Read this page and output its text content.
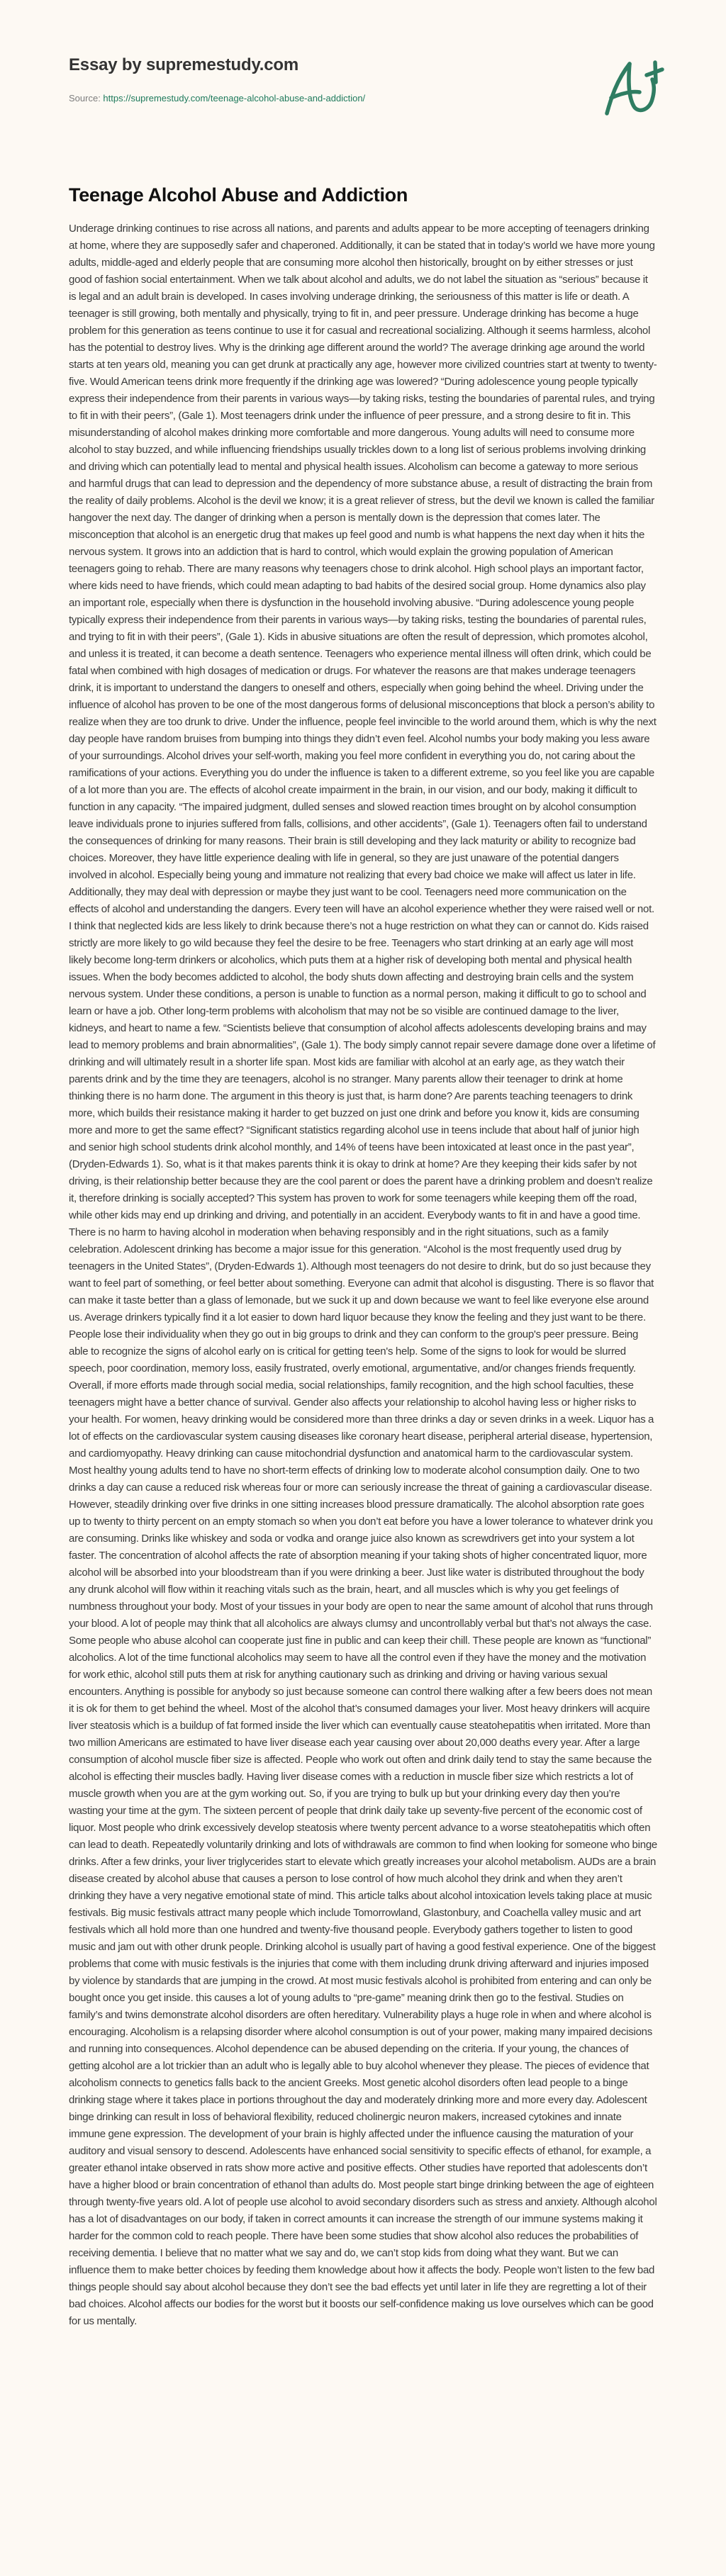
Essay by supremestudy.com
Source: https://supremestudy.com/teenage-alcohol-abuse-and-addiction/
Teenage Alcohol Abuse and Addiction

Underage drinking continues to rise across all nations, and parents and adults appear to be more accepting of teenagers drinking at home, where they are supposedly safer and chaperoned. Additionally, it can be stated that in today’s world we have more young adults, middle-aged and elderly people that are consuming more alcohol then historically, brought on by either stresses or just good of fashion social entertainment. When we talk about alcohol and adults, we do not label the situation as “serious” because it is legal and an adult brain is developed. In cases involving underage drinking, the seriousness of this matter is life or death. A teenager is still growing, both mentally and physically, trying to fit in, and peer pressure. Underage drinking has become a huge problem for this generation as teens continue to use it for casual and recreational socializing. Although it seems harmless, alcohol has the potential to destroy lives. Why is the drinking age different around the world? The average drinking age around the world starts at ten years old, meaning you can get drunk at practically any age, however more civilized countries start at twenty to twenty-five. Would American teens drink more frequently if the drinking age was lowered? “During adolescence young people typically express their independence from their parents in various ways—by taking risks, testing the boundaries of parental rules, and trying to fit in with their peers”, (Gale 1). Most teenagers drink under the influence of peer pressure, and a strong desire to fit in. This misunderstanding of alcohol makes drinking more comfortable and more dangerous. Young adults will need to consume more alcohol to stay buzzed, and while influencing friendships usually trickles down to a long list of serious problems involving drinking and driving which can potentially lead to mental and physical health issues. Alcoholism can become a gateway to more serious and harmful drugs that can lead to depression and the dependency of more substance abuse, a result of distracting the brain from the reality of daily problems. Alcohol is the devil we know; it is a great reliever of stress, but the devil we known is called the familiar hangover the next day. The danger of drinking when a person is mentally down is the depression that comes later. The misconception that alcohol is an energetic drug that makes up feel good and numb is what happens the next day when it hits the nervous system. It grows into an addiction that is hard to control, which would explain the growing population of American teenagers going to rehab. There are many reasons why teenagers chose to drink alcohol. High school plays an important factor, where kids need to have friends, which could mean adapting to bad habits of the desired social group. Home dynamics also play an important role, especially when there is dysfunction in the household involving abusive. “During adolescence young people typically express their independence from their parents in various ways—by taking risks, testing the boundaries of parental rules, and trying to fit in with their peers”, (Gale 1). Kids in abusive situations are often the result of depression, which promotes alcohol, and unless it is treated, it can become a death sentence. Teenagers who experience mental illness will often drink, which could be fatal when combined with high dosages of medication or drugs. For whatever the reasons are that makes underage teenagers drink, it is important to understand the dangers to oneself and others, especially when going behind the wheel. Driving under the influence of alcohol has proven to be one of the most dangerous forms of delusional misconceptions that block a person’s ability to realize when they are too drunk to drive. Under the influence, people feel invincible to the world around them, which is why the next day people have random bruises from bumping into things they didn’t even feel. Alcohol numbs your body making you less aware of your surroundings. Alcohol drives your self-worth, making you feel more confident in everything you do, not caring about the ramifications of your actions. Everything you do under the influence is taken to a different extreme, so you feel like you are capable of a lot more than you are. The effects of alcohol create impairment in the brain, in our vision, and our body, making it difficult to function in any capacity. “The impaired judgment, dulled senses and slowed reaction times brought on by alcohol consumption leave individuals prone to injuries suffered from falls, collisions, and other accidents”, (Gale 1). Teenagers often fail to understand the consequences of drinking for many reasons. Their brain is still developing and they lack maturity or ability to recognize bad choices. Moreover, they have little experience dealing with life in general, so they are just unaware of the potential dangers involved in alcohol. Especially being young and immature not realizing that every bad choice we make will affect us later in life. Additionally, they may deal with depression or maybe they just want to be cool. Teenagers need more communication on the effects of alcohol and understanding the dangers. Every teen will have an alcohol experience whether they were raised well or not. I think that neglected kids are less likely to drink because there’s not a huge restriction on what they can or cannot do. Kids raised strictly are more likely to go wild because they feel the desire to be free. Teenagers who start drinking at an early age will most likely become long-term drinkers or alcoholics, which puts them at a higher risk of developing both mental and physical health issues. When the body becomes addicted to alcohol, the body shuts down affecting and destroying brain cells and the system nervous system. Under these conditions, a person is unable to function as a normal person, making it difficult to go to school and learn or have a job. Other long-term problems with alcoholism that may not be so visible are continued damage to the liver, kidneys, and heart to name a few. “Scientists believe that consumption of alcohol affects adolescents developing brains and may lead to memory problems and brain abnormalities”, (Gale 1). The body simply cannot repair severe damage done over a lifetime of drinking and will ultimately result in a shorter life span. Most kids are familiar with alcohol at an early age, as they watch their parents drink and by the time they are teenagers, alcohol is no stranger. Many parents allow their teenager to drink at home thinking there is no harm done. The argument in this theory is just that, is harm done? Are parents teaching teenagers to drink more, which builds their resistance making it harder to get buzzed on just one drink and before you know it, kids are consuming more and more to get the same effect? “Significant statistics regarding alcohol use in teens include that about half of junior high and senior high school students drink alcohol monthly, and 14% of teens have been intoxicated at least once in the past year”, (Dryden-Edwards 1). So, what is it that makes parents think it is okay to drink at home? Are they keeping their kids safer by not driving, is their relationship better because they are the cool parent or does the parent have a drinking problem and doesn’t realize it, therefore drinking is socially accepted? This system has proven to work for some teenagers while keeping them off the road, while other kids may end up drinking and driving, and potentially in an accident. Everybody wants to fit in and have a good time. There is no harm to having alcohol in moderation when behaving responsibly and in the right situations, such as a family celebration. Adolescent drinking has become a major issue for this generation. “Alcohol is the most frequently used drug by teenagers in the United States”, (Dryden-Edwards 1). Although most teenagers do not desire to drink, but do so just because they want to feel part of something, or feel better about something. Everyone can admit that alcohol is disgusting. There is so flavor that can make it taste better than a glass of lemonade, but we suck it up and down because we want to feel like everyone else around us. Average drinkers typically find it a lot easier to down hard liquor because they know the feeling and they just want to be there. People lose their individuality when they go out in big groups to drink and they can conform to the group's peer pressure. Being able to recognize the signs of alcohol early on is critical for getting teen's help. Some of the signs to look for would be slurred speech, poor coordination, memory loss, easily frustrated, overly emotional, argumentative, and/or changes friends frequently. Overall, if more efforts made through social media, social relationships, family recognition, and the high school faculties, these teenagers might have a better chance of survival. Gender also affects your relationship to alcohol having less or higher risks to your health. For women, heavy drinking would be considered more than three drinks a day or seven drinks in a week. Liquor has a lot of effects on the cardiovascular system causing diseases like coronary heart disease, peripheral arterial disease, hypertension, and cardiomyopathy. Heavy drinking can cause mitochondrial dysfunction and anatomical harm to the cardiovascular system. Most healthy young adults tend to have no short-term effects of drinking low to moderate alcohol consumption daily. One to two drinks a day can cause a reduced risk whereas four or more can seriously increase the threat of gaining a cardiovascular disease. However, steadily drinking over five drinks in one sitting increases blood pressure dramatically. The alcohol absorption rate goes up to twenty to thirty percent on an empty stomach so when you don’t eat before you have a lower tolerance to whatever drink you are consuming. Drinks like whiskey and soda or vodka and orange juice also known as screwdrivers get into your system a lot faster. The concentration of alcohol affects the rate of absorption meaning if your taking shots of higher concentrated liquor, more alcohol will be absorbed into your bloodstream than if you were drinking a beer. Just like water is distributed throughout the body any drunk alcohol will flow within it reaching vitals such as the brain, heart, and all muscles which is why you get feelings of numbness throughout your body. Most of your tissues in your body are open to near the same amount of alcohol that runs through your blood. A lot of people may think that all alcoholics are always clumsy and uncontrollably verbal but that’s not always the case. Some people who abuse alcohol can cooperate just fine in public and can keep their chill. These people are known as “functional” alcoholics. A lot of the time functional alcoholics may seem to have all the control even if they have the money and the motivation for work ethic, alcohol still puts them at risk for anything cautionary such as drinking and driving or having various sexual encounters. Anything is possible for anybody so just because someone can control there walking after a few beers does not mean it is ok for them to get behind the wheel. Most of the alcohol that’s consumed damages your liver. Most heavy drinkers will acquire liver steatosis which is a buildup of fat formed inside the liver which can eventually cause steatohepatitis when irritated. More than two million Americans are estimated to have liver disease each year causing over about 20,000 deaths every year. After a large consumption of alcohol muscle fiber size is affected. People who work out often and drink daily tend to stay the same because the alcohol is effecting their muscles badly. Having liver disease comes with a reduction in muscle fiber size which restricts a lot of muscle growth when you are at the gym working out. So, if you are trying to bulk up but your drinking every day then you’re wasting your time at the gym. The sixteen percent of people that drink daily take up seventy-five percent of the economic cost of liquor. Most people who drink excessively develop steatosis where twenty percent advance to a worse steatohepatitis which often can lead to death. Repeatedly voluntarily drinking and lots of withdrawals are common to find when looking for someone who binge drinks. After a few drinks, your liver triglycerides start to elevate which greatly increases your alcohol metabolism. AUDs are a brain disease created by alcohol abuse that causes a person to lose control of how much alcohol they drink and when they aren’t drinking they have a very negative emotional state of mind. This article talks about alcohol intoxication levels taking place at music festivals. Big music festivals attract many people which include Tomorrowland, Glastonbury, and Coachella valley music and art festivals which all hold more than one hundred and twenty-five thousand people. Everybody gathers together to listen to good music and jam out with other drunk people. Drinking alcohol is usually part of having a good festival experience. One of the biggest problems that come with music festivals is the injuries that come with them including drunk driving afterward and injuries imposed by violence by standards that are jumping in the crowd. At most music festivals alcohol is prohibited from entering and can only be bought once you get inside. this causes a lot of young adults to “pre-game” meaning drink then go to the festival. Studies on family’s and twins demonstrate alcohol disorders are often hereditary. Vulnerability plays a huge role in when and where alcohol is encouraging. Alcoholism is a relapsing disorder where alcohol consumption is out of your power, making many impaired decisions and running into consequences. Alcohol dependence can be abused depending on the criteria. If your young, the chances of getting alcohol are a lot trickier than an adult who is legally able to buy alcohol whenever they please. The pieces of evidence that alcoholism connects to genetics falls back to the ancient Greeks. Most genetic alcohol disorders often lead people to a binge drinking stage where it takes place in portions throughout the day and moderately drinking more and more every day. Adolescent binge drinking can result in loss of behavioral flexibility, reduced cholinergic neuron makers, increased cytokines and innate immune gene expression. The development of your brain is highly affected under the influence causing the maturation of your auditory and visual sensory to descend. Adolescents have enhanced social sensitivity to specific effects of ethanol, for example, a greater ethanol intake observed in rats show more active and positive effects. Other studies have reported that adolescents don’t have a higher blood or brain concentration of ethanol than adults do. Most people start binge drinking between the age of eighteen through twenty-five years old. A lot of people use alcohol to avoid secondary disorders such as stress and anxiety. Although alcohol has a lot of disadvantages on our body, if taken in correct amounts it can increase the strength of our immune systems making it harder for the common cold to reach people. There have been some studies that show alcohol also reduces the probabilities of receiving dementia. I believe that no matter what we say and do, we can’t stop kids from doing what they want. But we can influence them to make better choices by feeding them knowledge about how it affects the body. People won’t listen to the few bad things people should say about alcohol because they don’t see the bad effects yet until later in life they are regretting a lot of their bad choices. Alcohol affects our bodies for the worst but it boosts our self-confidence making us love ourselves which can be good for us mentally.
